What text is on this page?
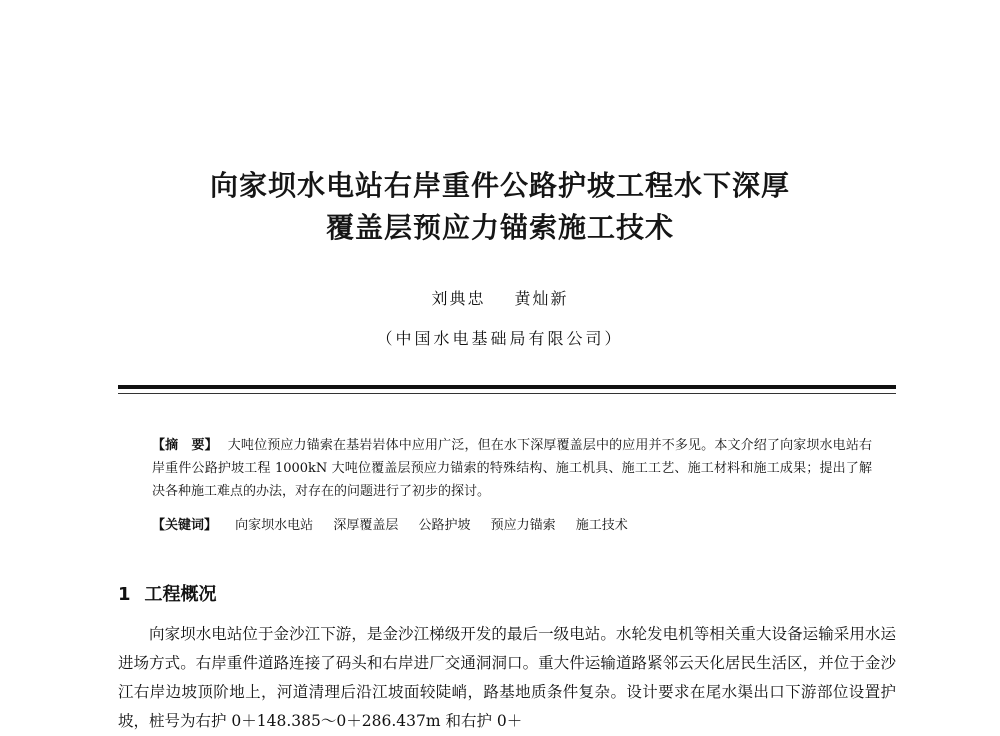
向家坝水电站右岸重件公路护坡工程水下深厚
覆盖层预应力锚索施工技术
刘典忠 黄灿新
（中国水电基础局有限公司）
【摘　要】 大吨位预应力锚索在基岩岩体中应用广泛，但在水下深厚覆盖层中的应用并不多见。本文介绍了向家坝水电站右岸重件公路护坡工程 1000kN 大吨位覆盖层预应力锚索的特殊结构、施工机具、施工工艺、施工材料和施工成果；提出了解决各种施工难点的办法，对存在的问题进行了初步的探讨。
【关键词】 向家坝水电站 深厚覆盖层 公路护坡 预应力锚索 施工技术
1 工程概况
向家坝水电站位于金沙江下游，是金沙江梯级开发的最后一级电站。水轮发电机等相关重大设备运输采用水运进场方式。右岸重件道路连接了码头和右岸进厂交通洞洞口。重大件运输道路紧邻云天化居民生活区，并位于金沙江右岸边坡顶阶地上，河道清理后沿江坡面较陡峭，路基地质条件复杂。设计要求在尾水渠出口下游部位设置护坡，桩号为右护 0＋148.385～0＋286.437m 和右护 0＋
